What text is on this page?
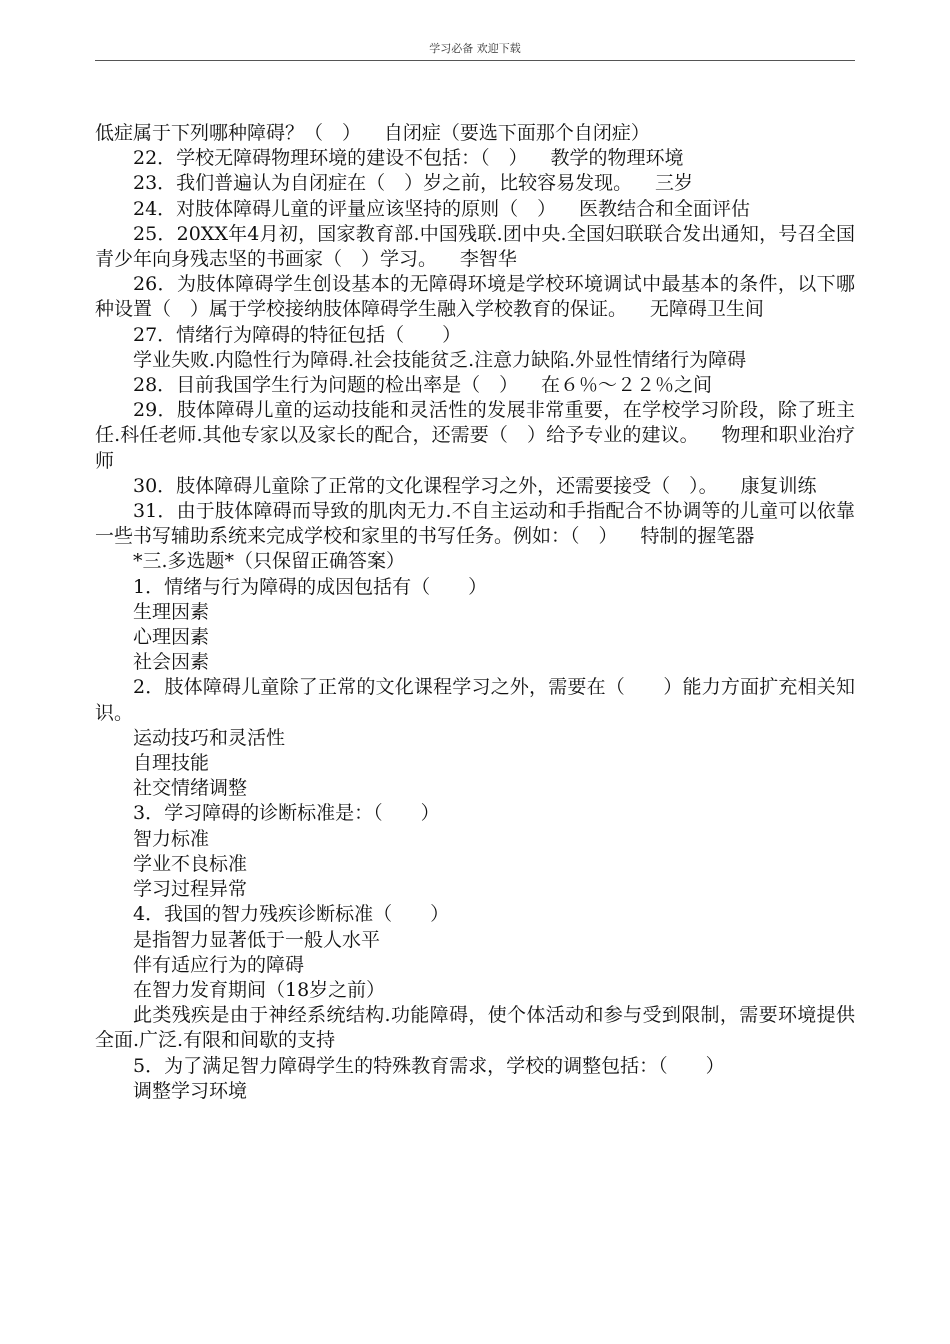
学习必备 欢迎下载

低症属于下列哪种障碍？（　） 自闭症（要选下面那个自闭症）

22．学校无障碍物理环境的建设不包括：（　） 教学的物理环境

23．我们普遍认为自闭症在（　）岁之前，比较容易发现。 三岁

24．对肢体障碍儿童的评量应该坚持的原则（　） 医教结合和全面评估

25．20XX年4月初，国家教育部.中国残联.团中央.全国妇联联合发出通知，号召全国青少年向身残志坚的书画家（　）学习。 李智华

26．为肢体障碍学生创设基本的无障碍环境是学校环境调试中最基本的条件，以下哪种设置（　）属于学校接纳肢体障碍学生融入学校教育的保证。 无障碍卫生间

27．情绪行为障碍的特征包括（　　）

学业失败.内隐性行为障碍.社会技能贫乏.注意力缺陷.外显性情绪行为障碍

28．目前我国学生行为问题的检出率是（　） 在６％～２２％之间

29．肢体障碍儿童的运动技能和灵活性的发展非常重要，在学校学习阶段，除了班主任.科任老师.其他专家以及家长的配合，还需要（　）给予专业的建议。 物理和职业治疗师

30．肢体障碍儿童除了正常的文化课程学习之外，还需要接受（　）。 康复训练

31．由于肢体障碍而导致的肌肉无力.不自主运动和手指配合不协调等的儿童可以依靠一些书写辅助系统来完成学校和家里的书写任务。例如：（　） 特制的握笔器

*三.多选题*（只保留正确答案）

1．情绪与行为障碍的成因包括有（　　）

生理因素

心理因素

社会因素

2．肢体障碍儿童除了正常的文化课程学习之外，需要在（　　）能力方面扩充相关知识。

运动技巧和灵活性

自理技能

社交情绪调整

3．学习障碍的诊断标准是：（　　）

智力标准

学业不良标准

学习过程异常

4．我国的智力残疾诊断标准（　　）

是指智力显著低于一般人水平

伴有适应行为的障碍

在智力发育期间（18岁之前）

此类残疾是由于神经系统结构.功能障碍，使个体活动和参与受到限制，需要环境提供全面.广泛.有限和间歇的支持

5．为了满足智力障碍学生的特殊教育需求，学校的调整包括：（　　）

调整学习环境
